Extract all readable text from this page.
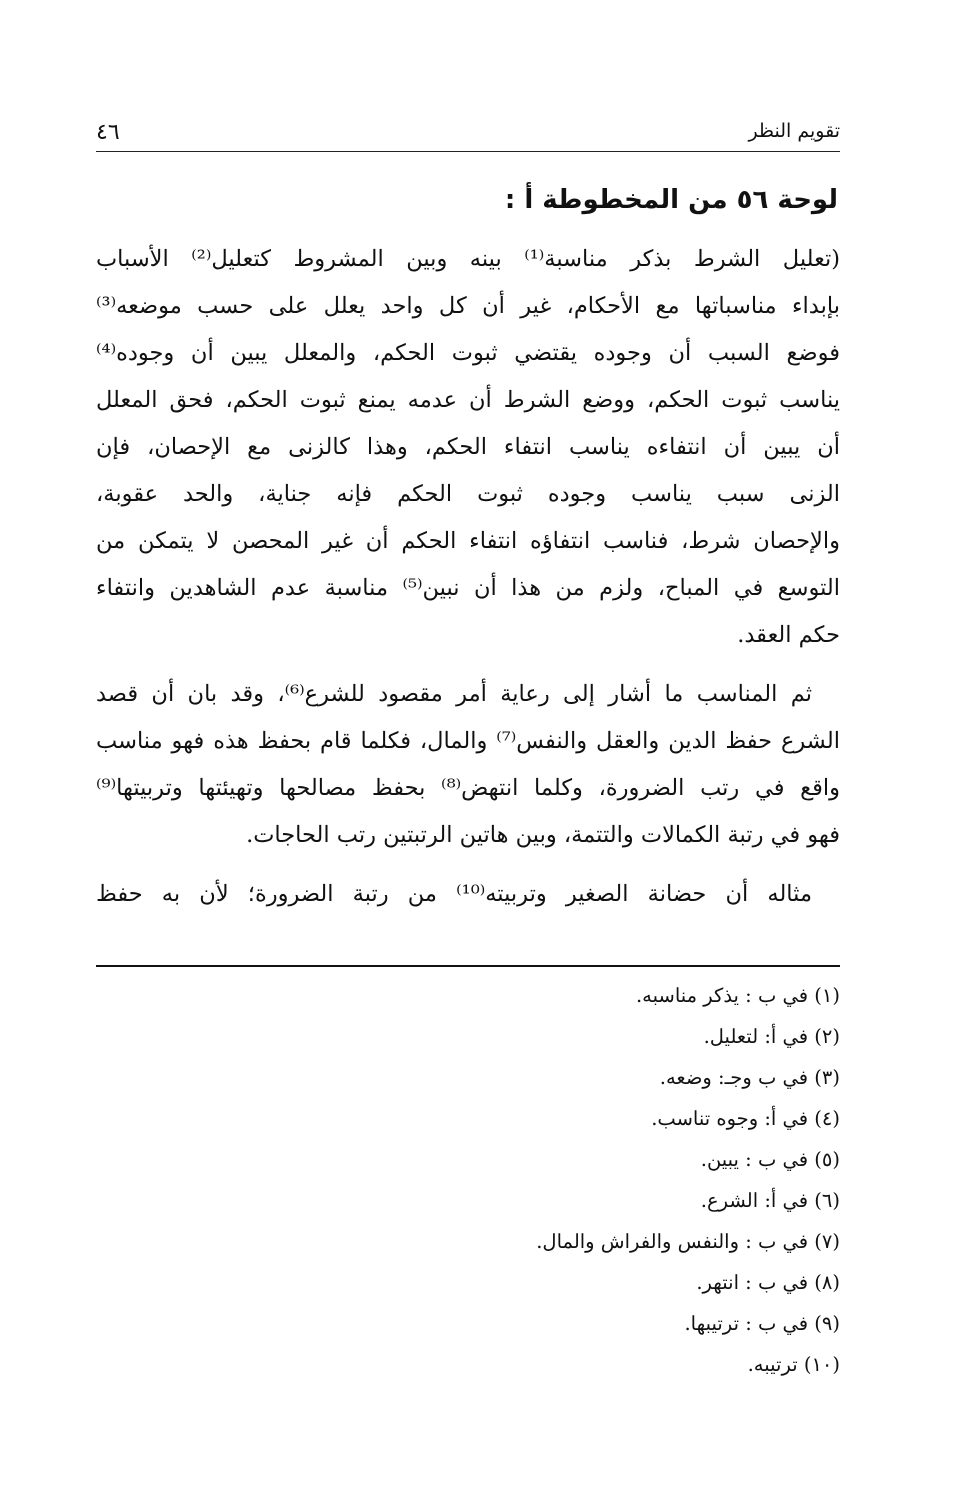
٤٦	تقويم النظر
لوحة ٥٦ من المخطوطة أ :
(تعليل الشرط بذكر مناسبة⁽¹⁾ بينه وبين المشروط كتعليل⁽²⁾ الأسباب
بإبداء مناسباتها مع الأحكام، غير أن كل واحد يعلل على حسب موضعه⁽³⁾
فوضع السبب أن وجوده يقتضي ثبوت الحكم، والمعلل يبين أن وجوده⁽⁴⁾
يناسب ثبوت الحكم، ووضع الشرط أن عدمه يمنع ثبوت الحكم، فحق المعلل
أن يبين أن انتفاءه يناسب انتفاء الحكم، وهذا كالزنى مع الإحصان، فإن
الزنى سبب يناسب وجوده ثبوت الحكم فإنه جناية، والحد عقوبة،
والإحصان شرط، فناسب انتفاؤه انتفاء الحكم أن غير المحصن لا يتمكن من
التوسع في المباح، ولزم من هذا أن نبين⁽⁵⁾ مناسبة عدم الشاهدين وانتفاء
حكم العقد.
ثم المناسب ما أشار إلى رعاية أمر مقصود للشرع⁽⁶⁾، وقد بان أن قصد
الشرع حفظ الدين والعقل والنفس⁽⁷⁾ والمال، فكلما قام بحفظ هذه فهو مناسب
واقع في رتب الضرورة، وكلما انتهض⁽⁸⁾ بحفظ مصالحها وتهيئتها وتربيتها⁽⁹⁾
فهو في رتبة الكمالات والتتمة، وبين هاتين الرتبتين رتب الحاجات.
مثاله أن حضانة الصغير وتربيته⁽¹⁰⁾ من رتبة الضرورة؛ لأن به حفظ
(١) في ب : يذكر مناسبه.
(٢) في أ: لتعليل.
(٣) في ب وجـ: وضعه.
(٤) في أ: وجوه تناسب.
(٥) في ب : يبين.
(٦) في أ: الشرع.
(٧) في ب : والنفس والفراش والمال.
(٨) في ب : انتهر.
(٩) في ب : ترتيبها.
(١٠) ترتيبه.
